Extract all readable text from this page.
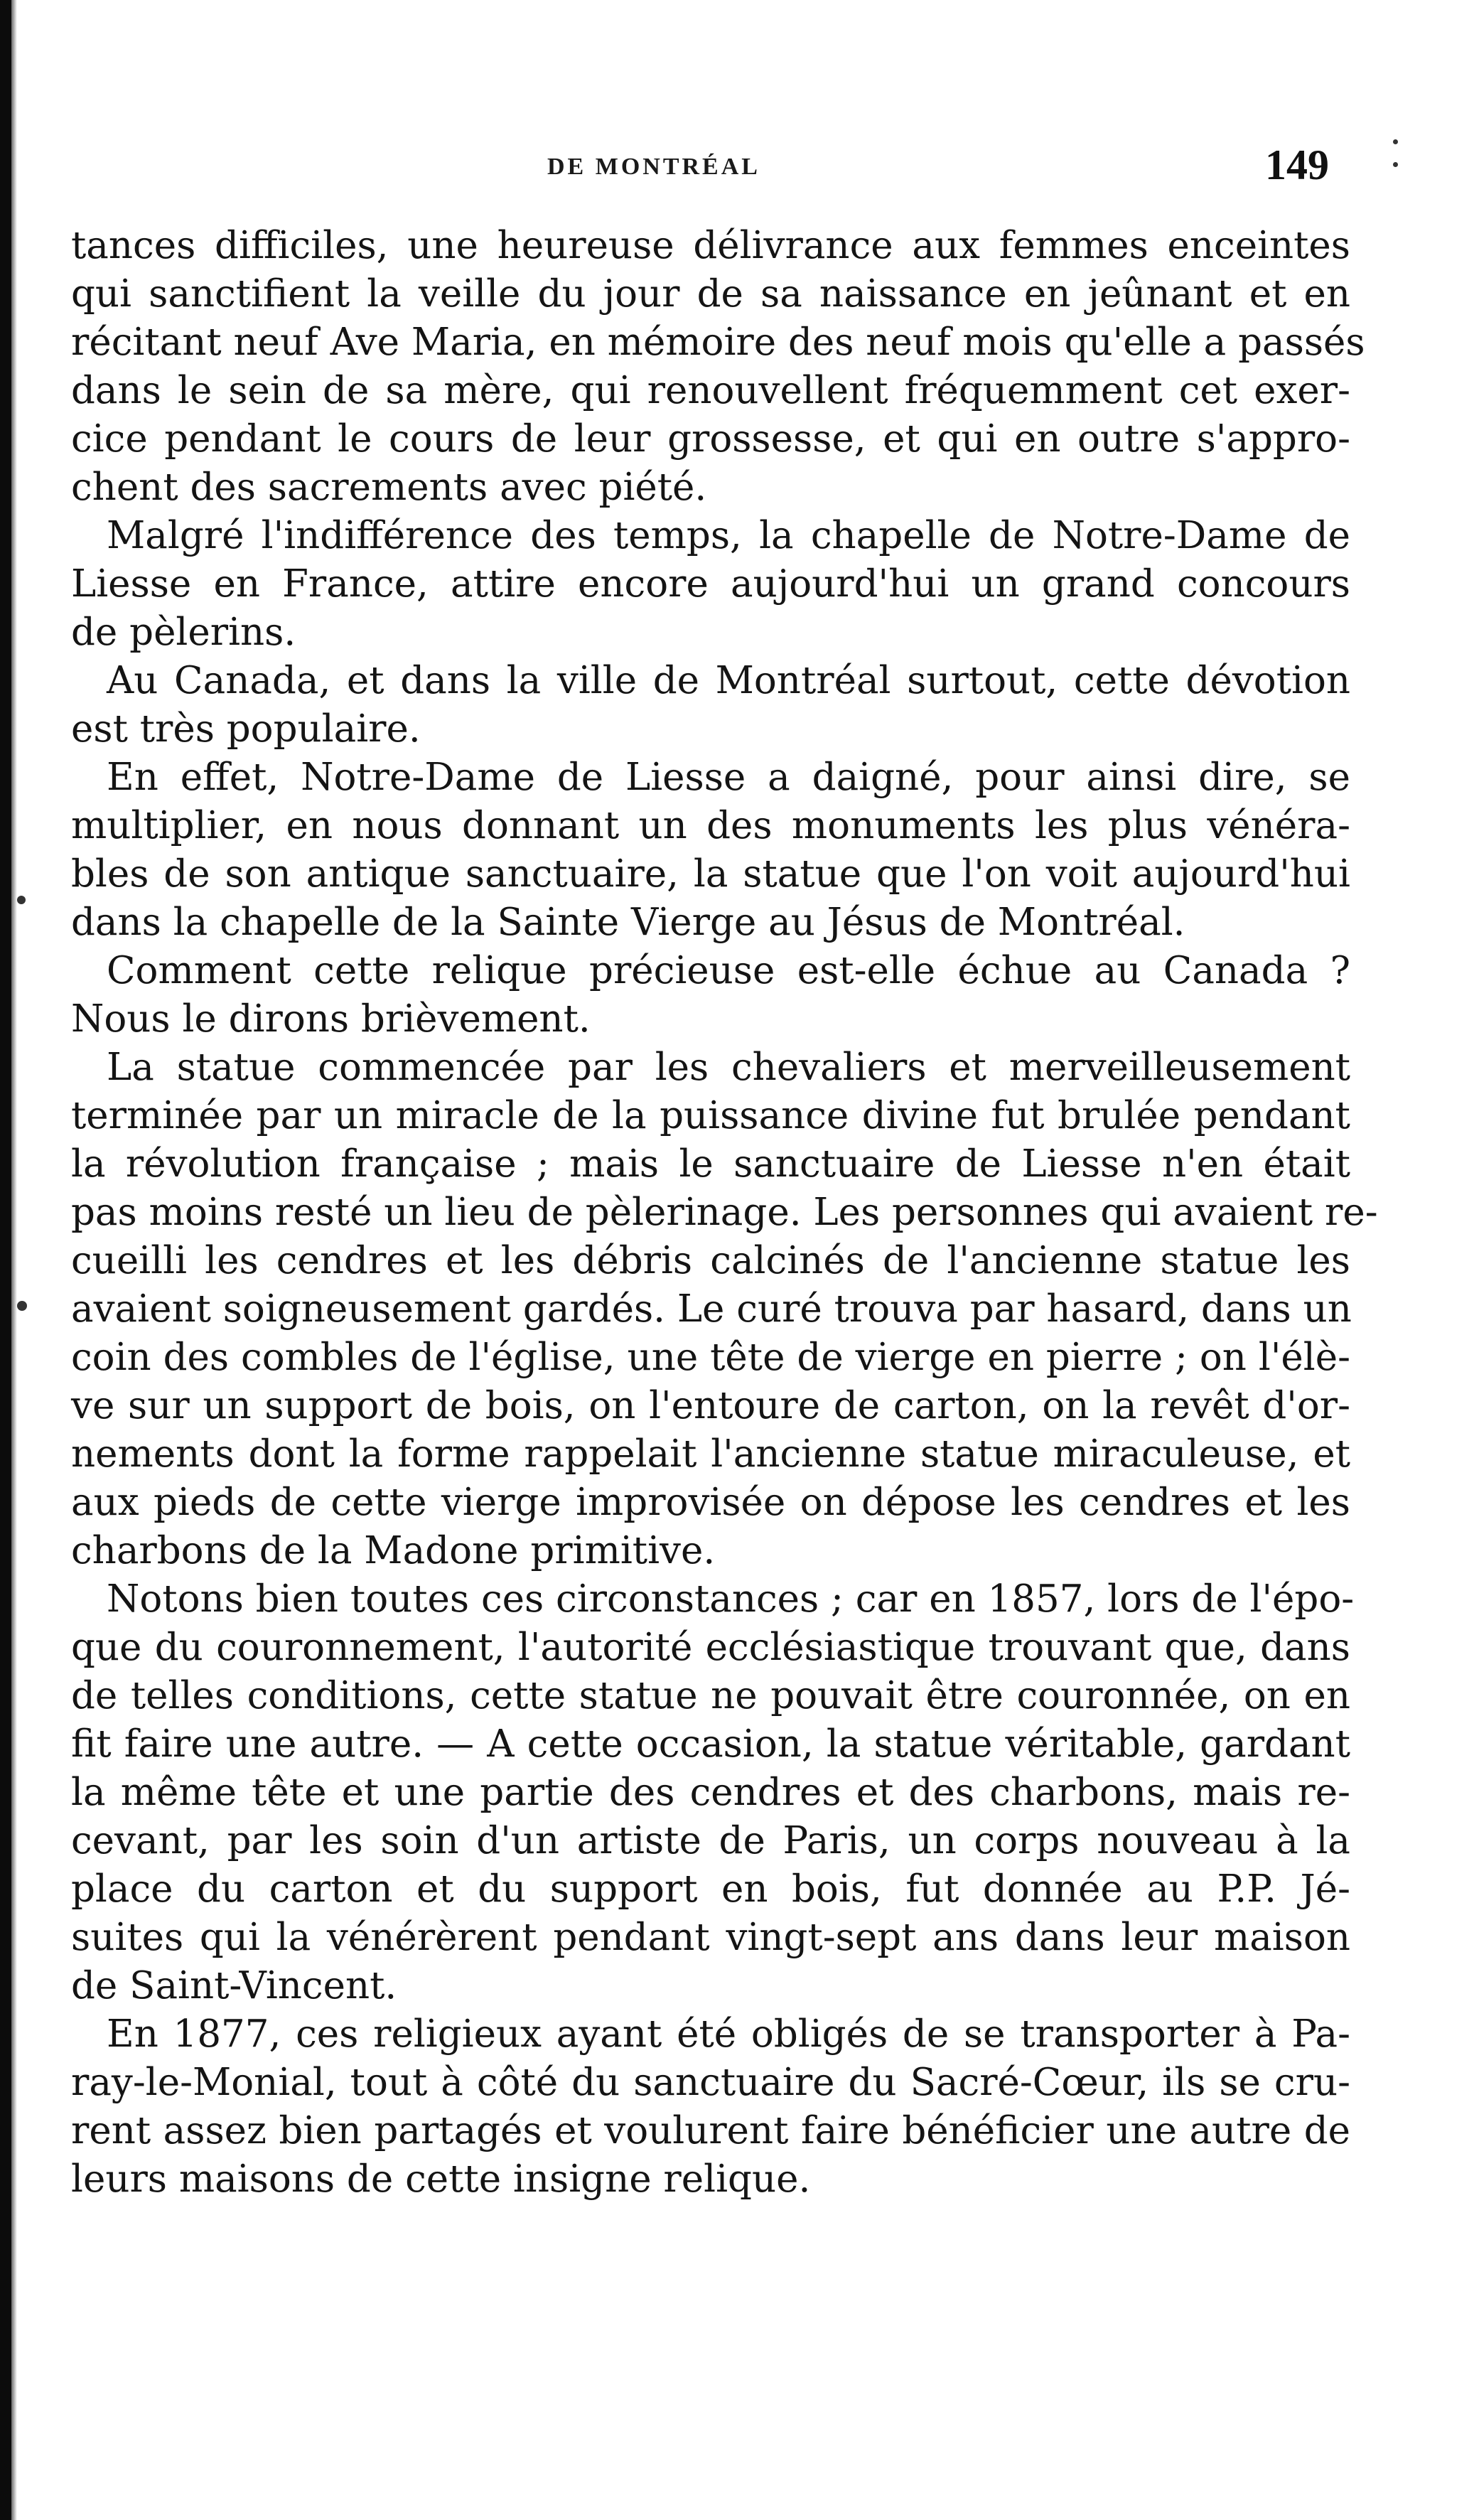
DE MONTRÉAL	149
tances difficiles, une heureuse délivrance aux femmes enceintes
qui sanctifient la veille du jour de sa naissance en jeûnant et en
récitant neuf Ave Maria, en mémoire des neuf mois qu'elle a passés
dans le sein de sa mère, qui renouvellent fréquemment cet exer-
cice pendant le cours de leur grossesse, et qui en outre s'appro-
chent des sacrements avec piété.
Malgré l'indifférence des temps, la chapelle de Notre-Dame de
Liesse en France, attire encore aujourd'hui un grand concours
de pèlerins.
Au Canada, et dans la ville de Montréal surtout, cette dévotion
est très populaire.
En effet, Notre-Dame de Liesse a daigné, pour ainsi dire, se
multiplier, en nous donnant un des monuments les plus vénéra-
bles de son antique sanctuaire, la statue que l'on voit aujourd'hui
dans la chapelle de la Sainte Vierge au Jésus de Montréal.
Comment cette relique précieuse est-elle échue au Canada ?
Nous le dirons brièvement.
La statue commencée par les chevaliers et merveilleusement
terminée par un miracle de la puissance divine fut brulée pendant
la révolution française ; mais le sanctuaire de Liesse n'en était
pas moins resté un lieu de pèlerinage. Les personnes qui avaient re-
cueilli les cendres et les débris calcinés de l'ancienne statue les
avaient soigneusement gardés. Le curé trouva par hasard, dans un
coin des combles de l'église, une tête de vierge en pierre ; on l'élè-
ve sur un support de bois, on l'entoure de carton, on la revêt d'or-
nements dont la forme rappelait l'ancienne statue miraculeuse, et
aux pieds de cette vierge improvisée on dépose les cendres et les
charbons de la Madone primitive.
Notons bien toutes ces circonstances ; car en 1857, lors de l'épo-
que du couronnement, l'autorité ecclésiastique trouvant que, dans
de telles conditions, cette statue ne pouvait être couronnée, on en
fit faire une autre. — A cette occasion, la statue véritable, gardant
la même tête et une partie des cendres et des charbons, mais re-
cevant, par les soin d'un artiste de Paris, un corps nouveau à la
place du carton et du support en bois, fut donnée au P.P. Jé-
suites qui la vénérèrent pendant vingt-sept ans dans leur maison
de Saint-Vincent.
En 1877, ces religieux ayant été obligés de se transporter à Pa-
ray-le-Monial, tout à côté du sanctuaire du Sacré-Cœur, ils se cru-
rent assez bien partagés et voulurent faire bénéficier une autre de
leurs maisons de cette insigne relique.
